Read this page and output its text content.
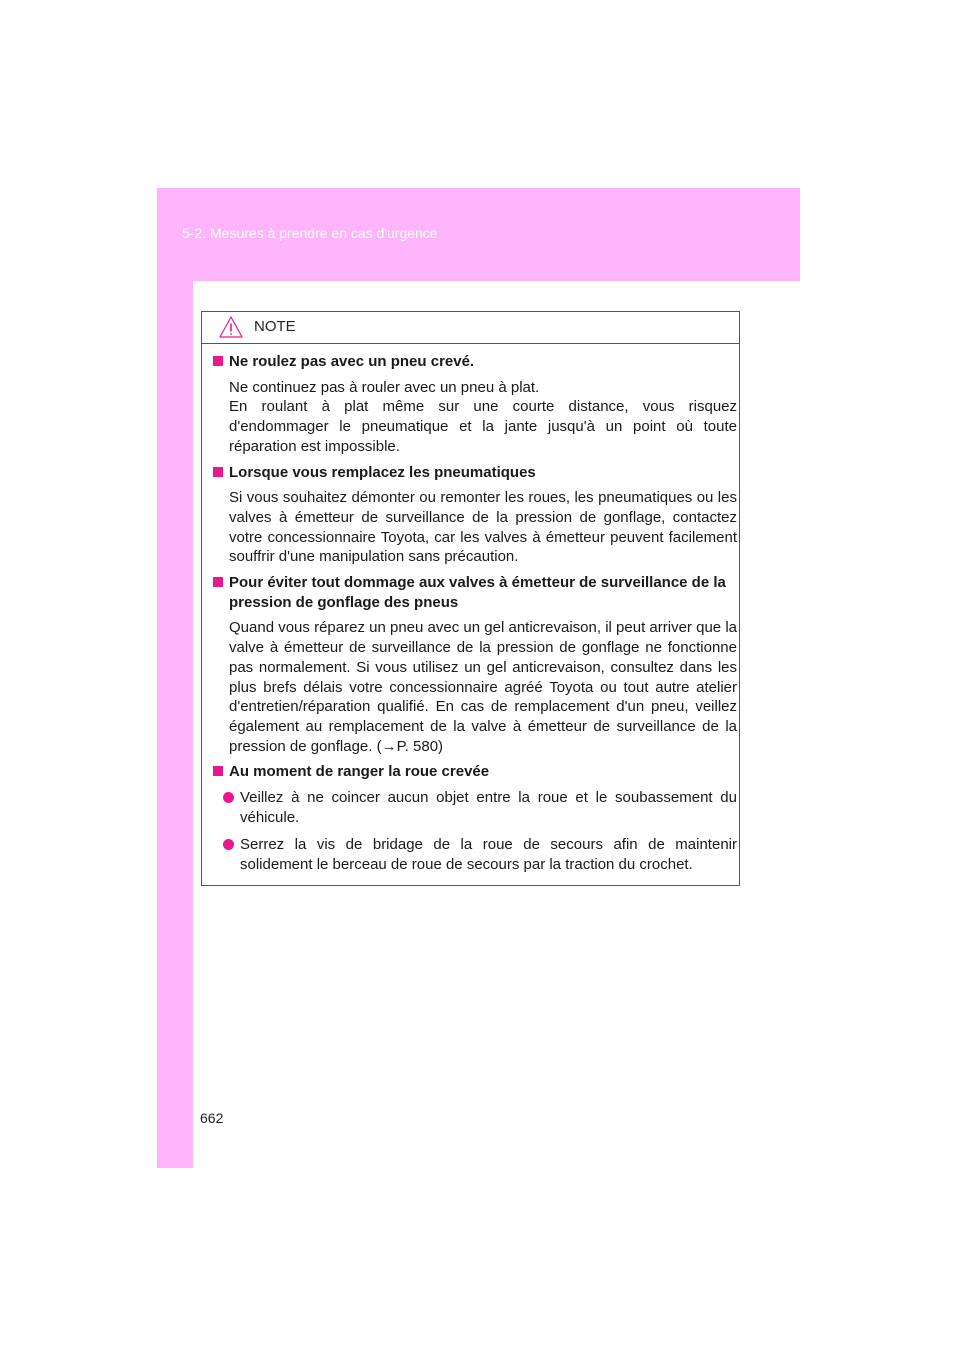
5-2. Mesures à prendre en cas d'urgence
NOTE
Ne roulez pas avec un pneu crevé.

Ne continuez pas à rouler avec un pneu à plat.

En roulant à plat même sur une courte distance, vous risquez d'endommager le pneumatique et la jante jusqu'à un point où toute réparation est impossible.

Lorsque vous remplacez les pneumatiques

Si vous souhaitez démonter ou remonter les roues, les pneumatiques ou les valves à émetteur de surveillance de la pression de gonflage, contactez votre concessionnaire Toyota, car les valves à émetteur peuvent facilement souffrir d'une manipulation sans précaution.

Pour éviter tout dommage aux valves à émetteur de surveillance de la pression de gonflage des pneus

Quand vous réparez un pneu avec un gel anticrevaison, il peut arriver que la valve à émetteur de surveillance de la pression de gonflage ne fonctionne pas normalement. Si vous utilisez un gel anticrevaison, consultez dans les plus brefs délais votre concessionnaire agréé Toyota ou tout autre atelier d'entretien/réparation qualifié. En cas de remplacement d'un pneu, veillez également au remplacement de la valve à émetteur de surveillance de la pression de gonflage. (→P. 580)

Au moment de ranger la roue crevée
Veillez à ne coincer aucun objet entre la roue et le soubassement du véhicule.
Serrez la vis de bridage de la roue de secours afin de maintenir solidement le berceau de roue de secours par la traction du crochet.
662
